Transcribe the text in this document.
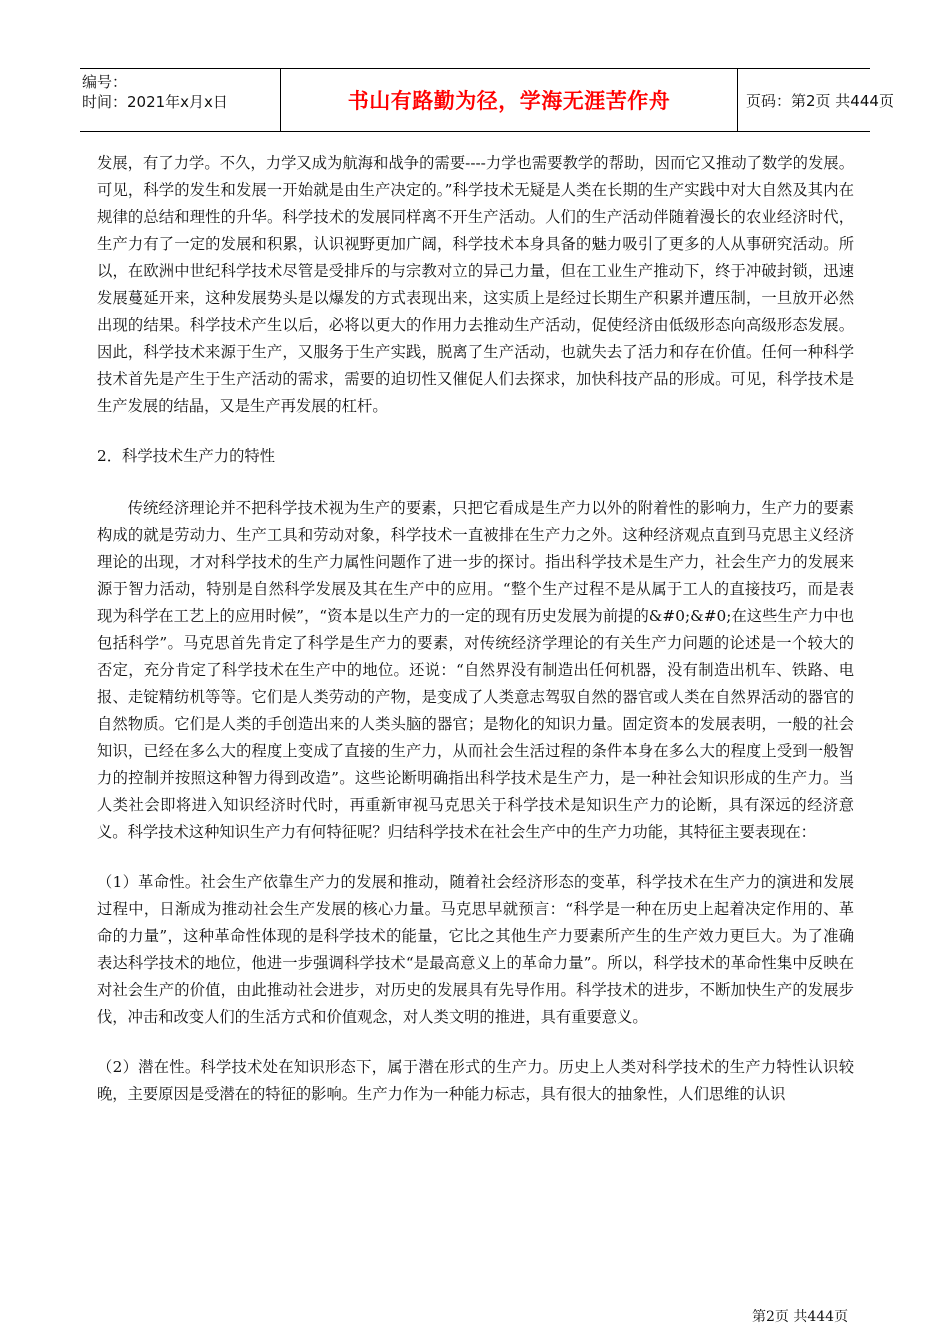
编号：
时间：2021年x月x日	书山有路勤为径，学海无涯苦作舟	页码：第2页 共444页

发展，有了力学。不久，力学又成为航海和战争的需要----力学也需要教学的帮助，因而它又推动了数学的发展。可见，科学的发生和发展一开始就是由生产决定的。”科学技术无疑是人类在长期的生产实践中对大自然及其内在规律的总结和理性的升华。科学技术的发展同样离不开生产活动。人们的生产活动伴随着漫长的农业经济时代，生产力有了一定的发展和积累，认识视野更加广阔，科学技术本身具备的魅力吸引了更多的人从事研究活动。所以，在欧洲中世纪科学技术尽管是受排斥的与宗教对立的异己力量，但在工业生产推动下，终于冲破封锁，迅速发展蔓延开来，这种发展势头是以爆发的方式表现出来，这实质上是经过长期生产积累并遭压制，一旦放开必然出现的结果。科学技术产生以后，必将以更大的作用力去推动生产活动，促使经济由低级形态向高级形态发展。因此，科学技术来源于生产，又服务于生产实践，脱离了生产活动，也就失去了活力和存在价值。任何一种科学技术首先是产生于生产活动的需求，需要的迫切性又催促人们去探求，加快科技产品的形成。可见，科学技术是生产发展的结晶，又是生产再发展的杠杆。

2．科学技术生产力的特性

传统经济理论并不把科学技术视为生产的要素，只把它看成是生产力以外的附着性的影响力，生产力的要素构成的就是劳动力、生产工具和劳动对象，科学技术一直被排在生产力之外。这种经济观点直到马克思主义经济理论的出现，才对科学技术的生产力属性问题作了进一步的探讨。指出科学技术是生产力，社会生产力的发展来源于智力活动，特别是自然科学发展及其在生产中的应用。“整个生产过程不是从属于工人的直接技巧，而是表现为科学在工艺上的应用时候”，“资本是以生产力的一定的现有历史发展为前提的&#0;&#0;在这些生产力中也包括科学”。马克思首先肯定了科学是生产力的要素，对传统经济学理论的有关生产力问题的论述是一个较大的否定，充分肯定了科学技术在生产中的地位。还说：“自然界没有制造出任何机器，没有制造出机车、铁路、电报、走锭精纺机等等。它们是人类劳动的产物，是变成了人类意志驾驭自然的器官或人类在自然界活动的器官的自然物质。它们是人类的手创造出来的人类头脑的器官；是物化的知识力量。固定资本的发展表明，一般的社会知识，已经在多么大的程度上变成了直接的生产力，从而社会生活过程的条件本身在多么大的程度上受到一般智力的控制并按照这种智力得到改造”。这些论断明确指出科学技术是生产力，是一种社会知识形成的生产力。当人类社会即将进入知识经济时代时，再重新审视马克思关于科学技术是知识生产力的论断，具有深远的经济意义。科学技术这种知识生产力有何特征呢？归结科学技术在社会生产中的生产力功能，其特征主要表现在：

（1）革命性。社会生产依靠生产力的发展和推动，随着社会经济形态的变革，科学技术在生产力的演进和发展过程中，日渐成为推动社会生产发展的核心力量。马克思早就预言：“科学是一种在历史上起着决定作用的、革命的力量”，这种革命性体现的是科学技术的能量，它比之其他生产力要素所产生的生产效力更巨大。为了准确表达科学技术的地位，他进一步强调科学技术“是最高意义上的革命力量”。所以，科学技术的革命性集中反映在对社会生产的价值，由此推动社会进步，对历史的发展具有先导作用。科学技术的进步，不断加快生产的发展步伐，冲击和改变人们的生活方式和价值观念，对人类文明的推进，具有重要意义。

（2）潜在性。科学技术处在知识形态下，属于潜在形式的生产力。历史上人类对科学技术的生产力特性认识较晚，主要原因是受潜在的特征的影响。生产力作为一种能力标志，具有很大的抽象性，人们思维的认识

第2页 共444页
